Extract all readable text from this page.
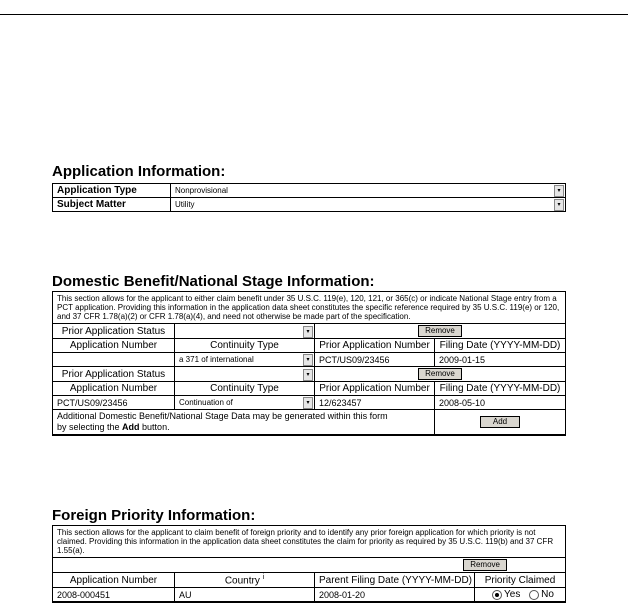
Application Information:
Application Type	Nonprovisional ▾

Subject Matter	Utility ▾
Domestic Benefit/National Stage Information:
This section allows for the applicant to either claim benefit under 35 U.S.C. 119(e), 120, 121, or 365(c) or indicate National Stage entry from a PCT application. Providing this information in the application data sheet constitutes the specific reference required by 35 U.S.C. 119(e) or 120, and 37 CFR 1.78(a)(2) or CFR 1.78(a)(4), and need not otherwise be made part of the specification.			
Prior Application Status	▾	Remove	
Application Number	Continuity Type	Prior Application Number	Filing Date (YYYY-MM-DD)

	a 371 of international ▾	PCT/US09/23456	2009-01-15
Prior Application Status	▾	Remove	
Application Number	Continuity Type	Prior Application Number	Filing Date (YYYY-MM-DD)
PCT/US09/23456	Continuation of ▾	12/623457	2008-05-10
Additional Domestic Benefit/National Stage Data may be generated within this form
by selecting the Add button.			Add
Foreign Priority Information:
This section allows for the applicant to claim benefit of foreign priority and to identify any prior foreign application for which priority is not claimed. Providing this information in the application data sheet constitutes the claim for priority as required by 35 U.S.C. 119(b) and 37 CFR 1.55(a).			
Remove			
Application Number	Country $^i$	Parent Filing Date (YYYY-MM-DD)	Priority Claimed
2008-000451	AU	2008-01-20	Yes No
